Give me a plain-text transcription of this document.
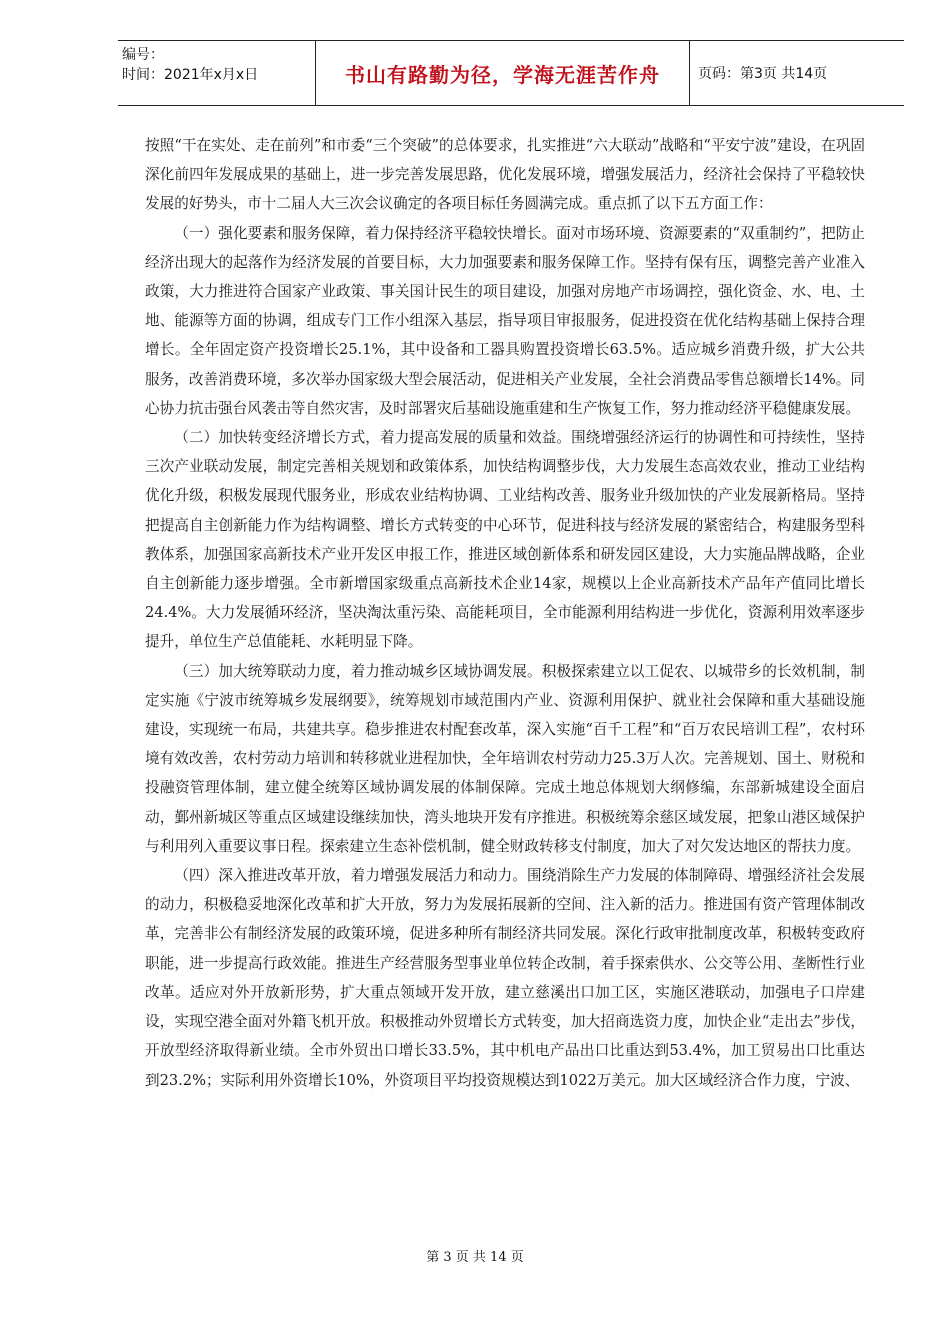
编号：
时间：2021年x月x日	书山有路勤为径，学海无涯苦作舟	页码：第3页 共14页

按照“干在实处、走在前列”和市委“三个突破”的总体要求，扎实推进“六大联动”战略和“平安宁波”建设，在巩固深化前四年发展成果的基础上，进一步完善发展思路，优化发展环境，增强发展活力，经济社会保持了平稳较快发展的好势头，市十二届人大三次会议确定的各项目标任务圆满完成。重点抓了以下五方面工作：

（一）强化要素和服务保障，着力保持经济平稳较快增长。面对市场环境、资源要素的“双重制约”，把防止经济出现大的起落作为经济发展的首要目标，大力加强要素和服务保障工作。坚持有保有压，调整完善产业准入政策，大力推进符合国家产业政策、事关国计民生的项目建设，加强对房地产市场调控，强化资金、水、电、土地、能源等方面的协调，组成专门工作小组深入基层，指导项目审报服务，促进投资在优化结构基础上保持合理增长。全年固定资产投资增长25.1%，其中设备和工器具购置投资增长63.5%。适应城乡消费升级，扩大公共服务，改善消费环境，多次举办国家级大型会展活动，促进相关产业发展，全社会消费品零售总额增长14%。同心协力抗击强台风袭击等自然灾害，及时部署灾后基础设施重建和生产恢复工作，努力推动经济平稳健康发展。

（二）加快转变经济增长方式，着力提高发展的质量和效益。围绕增强经济运行的协调性和可持续性，坚持三次产业联动发展，制定完善相关规划和政策体系，加快结构调整步伐，大力发展生态高效农业，推动工业结构优化升级，积极发展现代服务业，形成农业结构协调、工业结构改善、服务业升级加快的产业发展新格局。坚持把提高自主创新能力作为结构调整、增长方式转变的中心环节，促进科技与经济发展的紧密结合，构建服务型科教体系，加强国家高新技术产业开发区申报工作，推进区域创新体系和研发园区建设，大力实施品牌战略，企业自主创新能力逐步增强。全市新增国家级重点高新技术企业14家，规模以上企业高新技术产品年产值同比增长24.4%。大力发展循环经济，坚决淘汰重污染、高能耗项目，全市能源利用结构进一步优化，资源利用效率逐步提升，单位生产总值能耗、水耗明显下降。

（三）加大统筹联动力度，着力推动城乡区域协调发展。积极探索建立以工促农、以城带乡的长效机制，制定实施《宁波市统筹城乡发展纲要》，统筹规划市域范围内产业、资源利用保护、就业社会保障和重大基础设施建设，实现统一布局，共建共享。稳步推进农村配套改革，深入实施“百千工程”和“百万农民培训工程”，农村环境有效改善，农村劳动力培训和转移就业进程加快，全年培训农村劳动力25.3万人次。完善规划、国土、财税和投融资管理体制，建立健全统筹区域协调发展的体制保障。完成土地总体规划大纲修编，东部新城建设全面启动，鄞州新城区等重点区域建设继续加快，湾头地块开发有序推进。积极统筹余慈区域发展，把象山港区域保护与利用列入重要议事日程。探索建立生态补偿机制，健全财政转移支付制度，加大了对欠发达地区的帮扶力度。

（四）深入推进改革开放，着力增强发展活力和动力。围绕消除生产力发展的体制障碍、增强经济社会发展的动力，积极稳妥地深化改革和扩大开放，努力为发展拓展新的空间、注入新的活力。推进国有资产管理体制改革，完善非公有制经济发展的政策环境，促进多种所有制经济共同发展。深化行政审批制度改革，积极转变政府职能，进一步提高行政效能。推进生产经营服务型事业单位转企改制，着手探索供水、公交等公用、垄断性行业改革。适应对外开放新形势，扩大重点领域开发开放，建立慈溪出口加工区，实施区港联动，加强电子口岸建设，实现空港全面对外籍飞机开放。积极推动外贸增长方式转变，加大招商选资力度，加快企业“走出去”步伐，开放型经济取得新业绩。全市外贸出口增长33.5%，其中机电产品出口比重达到53.4%，加工贸易出口比重达到23.2%；实际利用外资增长10%，外资项目平均投资规模达到1022万美元。加大区域经济合作力度，宁波、

第 3 页 共 14 页
